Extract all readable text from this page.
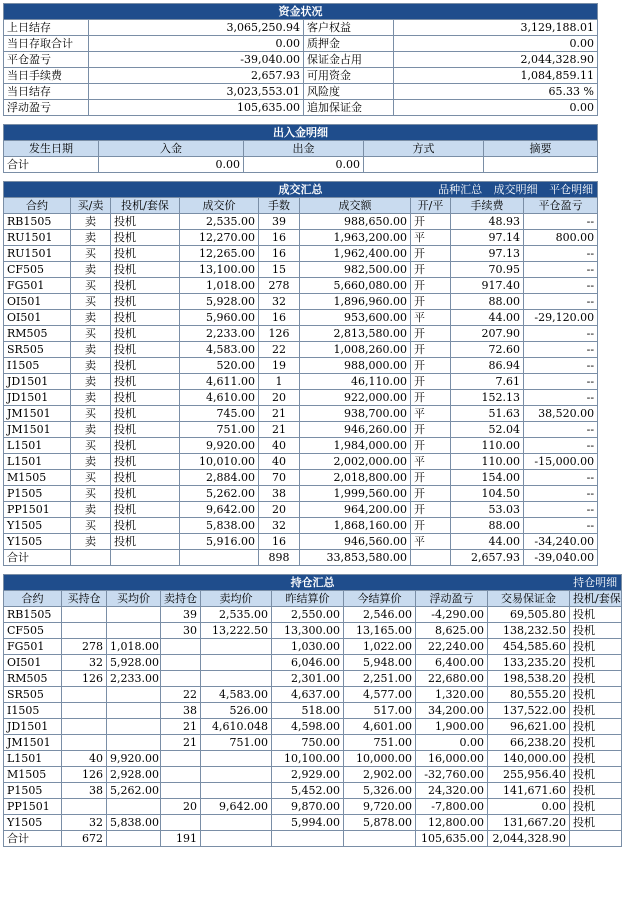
资金状况			

上日结存	3,065,250.94	客户权益	3,129,188.01
当日存取合计	0.00	质押金	0.00
平仓盈亏	-39,040.00	保证金占用	2,044,328.90
当日手续费	2,657.93	可用资金	1,084,859.11
当日结存	3,023,553.01	风险度	65.33 %
浮动盈亏	105,635.00	追加保证金	0.00
出入金明细				

发生日期	入金	出金	方式	摘要
合计	0.00	0.00		
成交汇总 品种汇总 成交明细 平仓明细								

合约	买/卖	投机/套保	成交价	手数	成交额	开/平	手续费	平仓盈亏
RB1505	卖	投机	2,535.00	39	988,650.00	开	48.93	--
RU1501	卖	投机	12,270.00	16	1,963,200.00	平	97.14	800.00
RU1501	买	投机	12,265.00	16	1,962,400.00	开	97.13	--
CF505	卖	投机	13,100.00	15	982,500.00	开	70.95	--
FG501	买	投机	1,018.00	278	5,660,080.00	开	917.40	--
OI501	买	投机	5,928.00	32	1,896,960.00	开	88.00	--
OI501	卖	投机	5,960.00	16	953,600.00	平	44.00	-29,120.00
RM505	买	投机	2,233.00	126	2,813,580.00	开	207.90	--
SR505	卖	投机	4,583.00	22	1,008,260.00	开	72.60	--
I1505	卖	投机	520.00	19	988,000.00	开	86.94	--
JD1501	卖	投机	4,611.00	1	46,110.00	开	7.61	--
JD1501	卖	投机	4,610.00	20	922,000.00	开	152.13	--
JM1501	买	投机	745.00	21	938,700.00	平	51.63	38,520.00
JM1501	卖	投机	751.00	21	946,260.00	开	52.04	--
L1501	买	投机	9,920.00	40	1,984,000.00	开	110.00	--
L1501	卖	投机	10,010.00	40	2,002,000.00	平	110.00	-15,000.00
M1505	买	投机	2,884.00	70	2,018,800.00	开	154.00	--
P1505	买	投机	5,262.00	38	1,999,560.00	开	104.50	--
PP1501	卖	投机	9,642.00	20	964,200.00	开	53.03	--
Y1505	买	投机	5,838.00	32	1,868,160.00	开	88.00	--
Y1505	卖	投机	5,916.00	16	946,560.00	平	44.00	-34,240.00
合计				898	33,853,580.00		2,657.93	-39,040.00
持仓汇总 持仓明细									

合约	买持仓	买均价	卖持仓	卖均价	昨结算价	今结算价	浮动盈亏	交易保证金	投机/套保
RB1505			39	2,535.00	2,550.00	2,546.00	-4,290.00	69,505.80	投机
CF505			30	13,222.50	13,300.00	13,165.00	8,625.00	138,232.50	投机
FG501	278	1,018.00			1,030.00	1,022.00	22,240.00	454,585.60	投机
OI501	32	5,928.00			6,046.00	5,948.00	6,400.00	133,235.20	投机
RM505	126	2,233.00			2,301.00	2,251.00	22,680.00	198,538.20	投机
SR505			22	4,583.00	4,637.00	4,577.00	1,320.00	80,555.20	投机
I1505			38	526.00	518.00	517.00	34,200.00	137,522.00	投机
JD1501			21	4,610.048	4,598.00	4,601.00	1,900.00	96,621.00	投机
JM1501			21	751.00	750.00	751.00	0.00	66,238.20	投机
L1501	40	9,920.00			10,100.00	10,000.00	16,000.00	140,000.00	投机
M1505	126	2,928.00			2,929.00	2,902.00	-32,760.00	255,956.40	投机
P1505	38	5,262.00			5,452.00	5,326.00	24,320.00	141,671.60	投机
PP1501			20	9,642.00	9,870.00	9,720.00	-7,800.00	0.00	投机
Y1505	32	5,838.00			5,994.00	5,878.00	12,800.00	131,667.20	投机
合计	672		191				105,635.00	2,044,328.90	
